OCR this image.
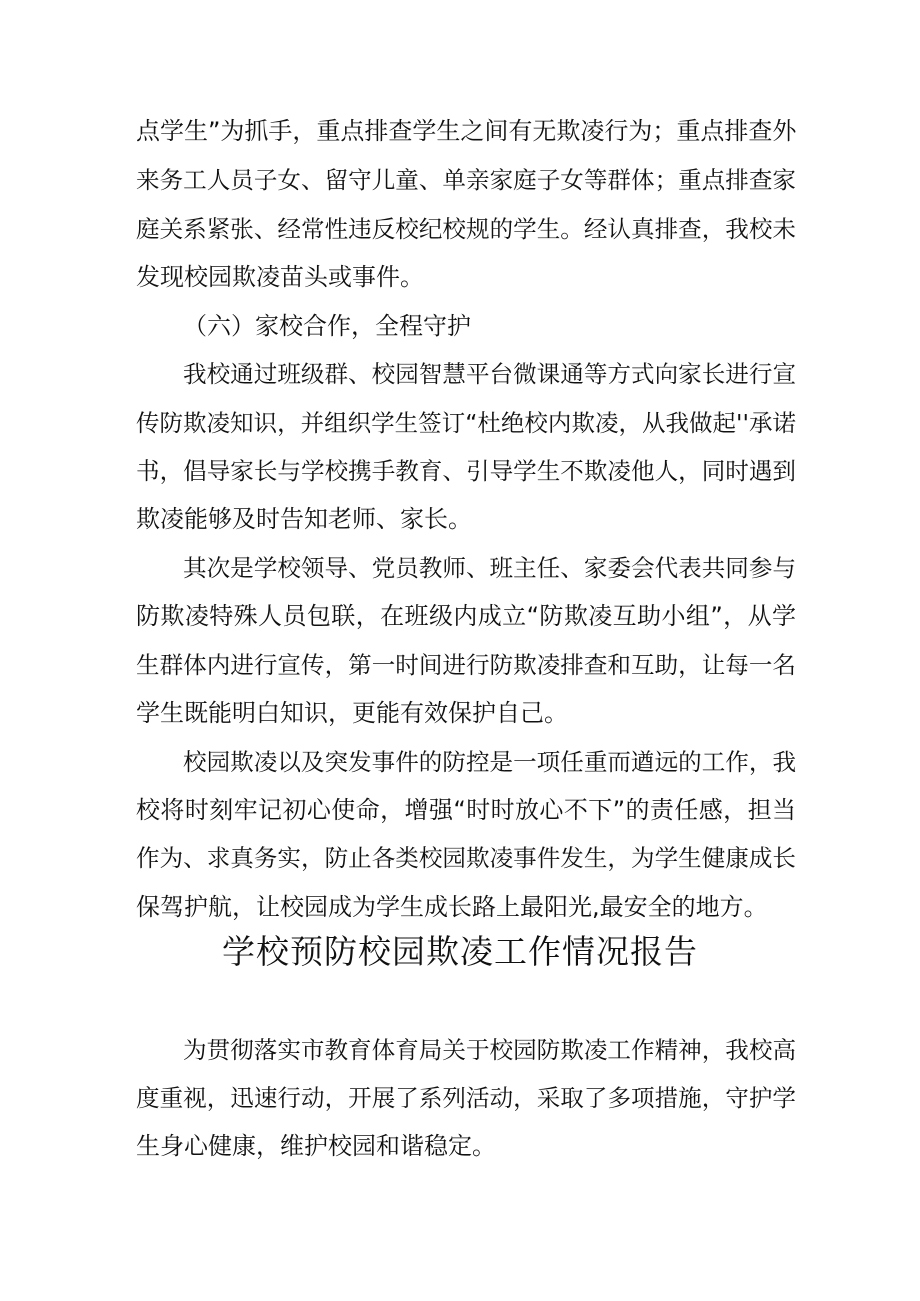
点学生”为抓手，重点排查学生之间有无欺凌行为；重点排查外
来务工人员子女、留守儿童、单亲家庭子女等群体；重点排查家
庭关系紧张、经常性违反校纪校规的学生。经认真排查，我校未
发现校园欺凌苗头或事件。
（六）家校合作，全程守护
我校通过班级群、校园智慧平台微课通等方式向家长进行宣
传防欺凌知识，并组织学生签订“杜绝校内欺凌，从我做起''承诺
书，倡导家长与学校携手教育、引导学生不欺凌他人，同时遇到
欺凌能够及时告知老师、家长。
其次是学校领导、党员教师、班主任、家委会代表共同参与
防欺凌特殊人员包联，在班级内成立“防欺凌互助小组”，从学
生群体内进行宣传，第一时间进行防欺凌排查和互助，让每一名
学生既能明白知识，更能有效保护自己。
校园欺凌以及突发事件的防控是一项任重而遒远的工作，我
校将时刻牢记初心使命，增强“时时放心不下”的责任感，担当
作为、求真务实，防止各类校园欺凌事件发生，为学生健康成长
保驾护航，让校园成为学生成长路上最阳光,最安全的地方。
学校预防校园欺凌工作情况报告
为贯彻落实市教育体育局关于校园防欺凌工作精神，我校高
度重视，迅速行动，开展了系列活动，采取了多项措施，守护学
生身心健康，维护校园和谐稳定。
